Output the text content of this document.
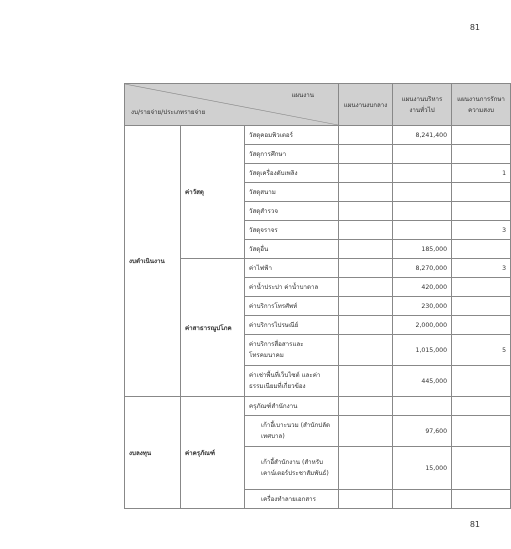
81
แผนงาน
งบ/รายจ่าย/ประเภทรายจ่าย			แผนงานงบกลาง	แผนงานบริหารงานทั่วไป	แผนงานการรักษาความสงบ
งบดำเนินงาน	ค่าวัสดุ	วัสดุคอมพิวเตอร์		8,241,400	
		วัสดุการศึกษา			
		วัสดุเครื่องดับเพลิง			1
		วัสดุสนาม			
		วัสดุสำรวจ			
		วัสดุจราจร			3
		วัสดุอื่น		185,000	
	ค่าสาธารณูปโภค	ค่าไฟฟ้า		8,270,000	3
		ค่าน้ำประปา ค่าน้ำบาดาล		420,000	
		ค่าบริการโทรศัพท์		230,000	
		ค่าบริการไปรษณีย์		2,000,000	
		ค่าบริการสื่อสารและโทรคมนาคม		1,015,000	5
		ค่าเช่าพื้นที่เว็บไซต์ และค่าธรรมเนียมที่เกี่ยวข้อง		445,000	
งบลงทุน	ค่าครุภัณฑ์	ครุภัณฑ์สำนักงาน			
		เก้าอี้เบาะนวม (สำนักปลัดเทศบาล)		97,600	
		เก้าอี้สำนักงาน (สำหรับเคาน์เตอร์ประชาสัมพันธ์)		15,000	
		เครื่องทำลายเอกสาร			
81
